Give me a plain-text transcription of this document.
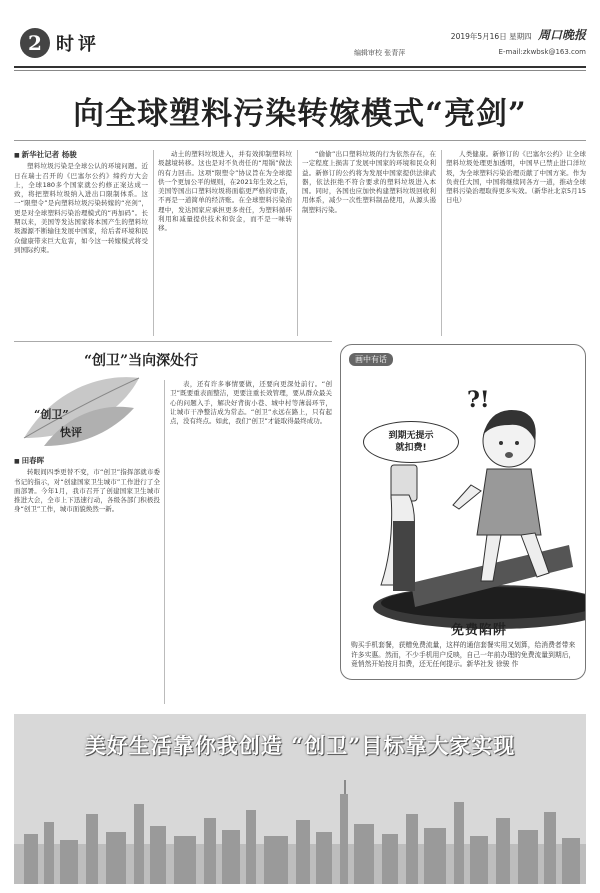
2 时评	2019年5月16日 星期四 周口晚报
编辑审校 张青萍	E-mail:zkwbsk@163.com
向全球塑料污染转嫁模式“亮剑”
■ 新华社记者 杨骏

塑料垃圾污染是全球公认的环境问题。近日在瑞士召开的《巴塞尔公约》缔约方大会上，全球180多个国家就公约修正案达成一致，将把塑料垃圾纳入进出口限制体系。这一“限塑令”是向塑料垃圾污染转嫁的“亮剑”，更是对全球塑料污染治理模式的“再加码”。长期以来，美国等发达国家将本国产生的塑料垃圾源源不断输往发展中国家，给后者环境和民众健康带来巨大危害，如今这一转嫁模式将受到国际约束。

动土的塑料垃圾进入，并有效抑制塑料垃圾越境转移。这也是对不负责任的“甩锅”做法的有力回击。这项“限塑令”协议旨在为全球提供一个更加公平的规则，在2021年生效之后，美国等国出口塑料垃圾将面临更严格的审查，不再是一道简单的经济账。在全球塑料污染治理中，发达国家应承担更多责任，为塑料循环利用和减量提供技术和资金，而不是一味转移。

“偷偷”出口塑料垃圾的行为依然存在，在一定程度上损害了发展中国家的环境和民众利益。新修订的公约将为发展中国家提供法律武器，依法拒绝不符合要求的塑料垃圾进入本国。同时，各国也应加快构建塑料垃圾回收利用体系，减少一次性塑料制品使用，从源头遏制塑料污染。

人类健康。新修订的《巴塞尔公约》让全球塑料垃圾处理更加透明，中国早已禁止进口洋垃圾，为全球塑料污染治理贡献了中国方案。作为负责任大国，中国将继续同各方一道，推动全球塑料污染治理取得更多实效。（新华社北京5月15日电）

“创卫”当向深处行
“创卫”
快评
■ 田春晖

转眼间四季更替不变，市“创卫”指挥部就市委书记的指示，对“创建国家卫生城市”工作进行了全面部署。今年1月，我市召开了创建国家卫生城市推进大会，全市上下迅速行动，各级各部门积极投身“创卫”工作，城市面貌焕然一新。

表，还有许多事情要做，还要向更深处前行。“创卫”既要重表面整洁，更要注重长效管理，要从群众最关心的问题入手，解决好背街小巷、城中村等薄弱环节，让城市干净整洁成为常态。“创卫”永远在路上，只有起点，没有终点。如此，我们“创卫”才能取得最终成功。

?!
画中有话
到期无提示
就扣费!
免费陷阱
购买手机套餐，获赠免费流量，这样的通信套餐实用又划算，给消费者带来许多实惠。然而，不少手机用户反映，自己一年前办理的免费流量到期后，竟悄然开始按月扣费，还无任何提示。新华社发 徐骏 作
美好生活靠你我创造 “创卫”目标靠大家实现
